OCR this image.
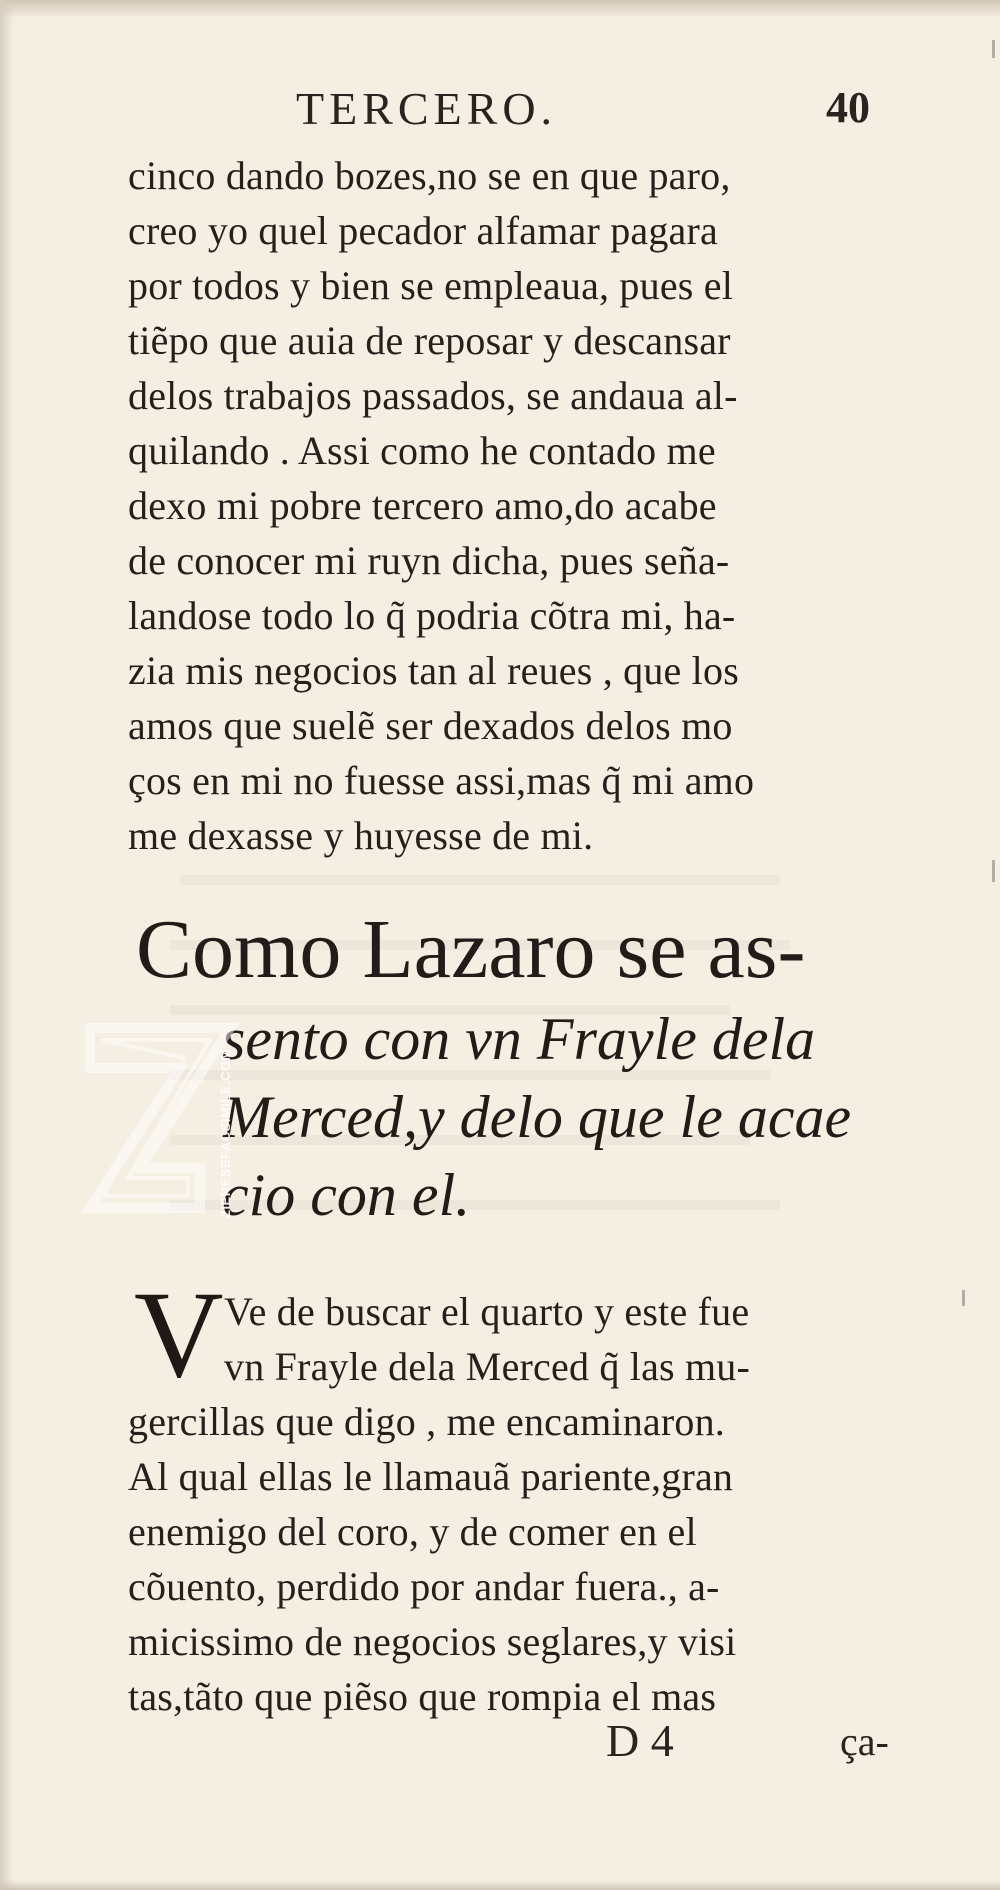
TERCERO.	40
cinco dando bozes,no se en que paro,
creo yo quel pecador alfamar pagara
por todos y bien se empleaua, pues el
tiẽpo que auia de reposar y descansar
delos trabajos passados, se andaua al-
quilando . Assi como he contado me
dexo mi pobre tercero amo,do acabe
de conocer mi ruyn dicha, pues seña-
landose todo lo q̃ podria cõtra mi, ha-
zia mis negocios tan al reues , que los
amos que suelẽ ser dexados delos mo
ços en mi no fuesse assi,mas q̃ mi amo
me dexasse y huyesse de mi.
Como Lazaro se as-
sento con vn Frayle dela
Merced,y delo que le acae
cio con el.
V Ve de buscar el quarto y este fue
vn Frayle dela Merced q̃ las mu-
gercillas que digo , me encaminaron.
Al qual ellas le llamauã pariente,gran
enemigo del coro, y de comer en el
cõuento, perdido por andar fuera., a-
micissimo de negocios seglares,y visi
tas,tãto que piẽso que rompia el mas
D 4	ça-
ZIERESEFACSIMILE.COM
